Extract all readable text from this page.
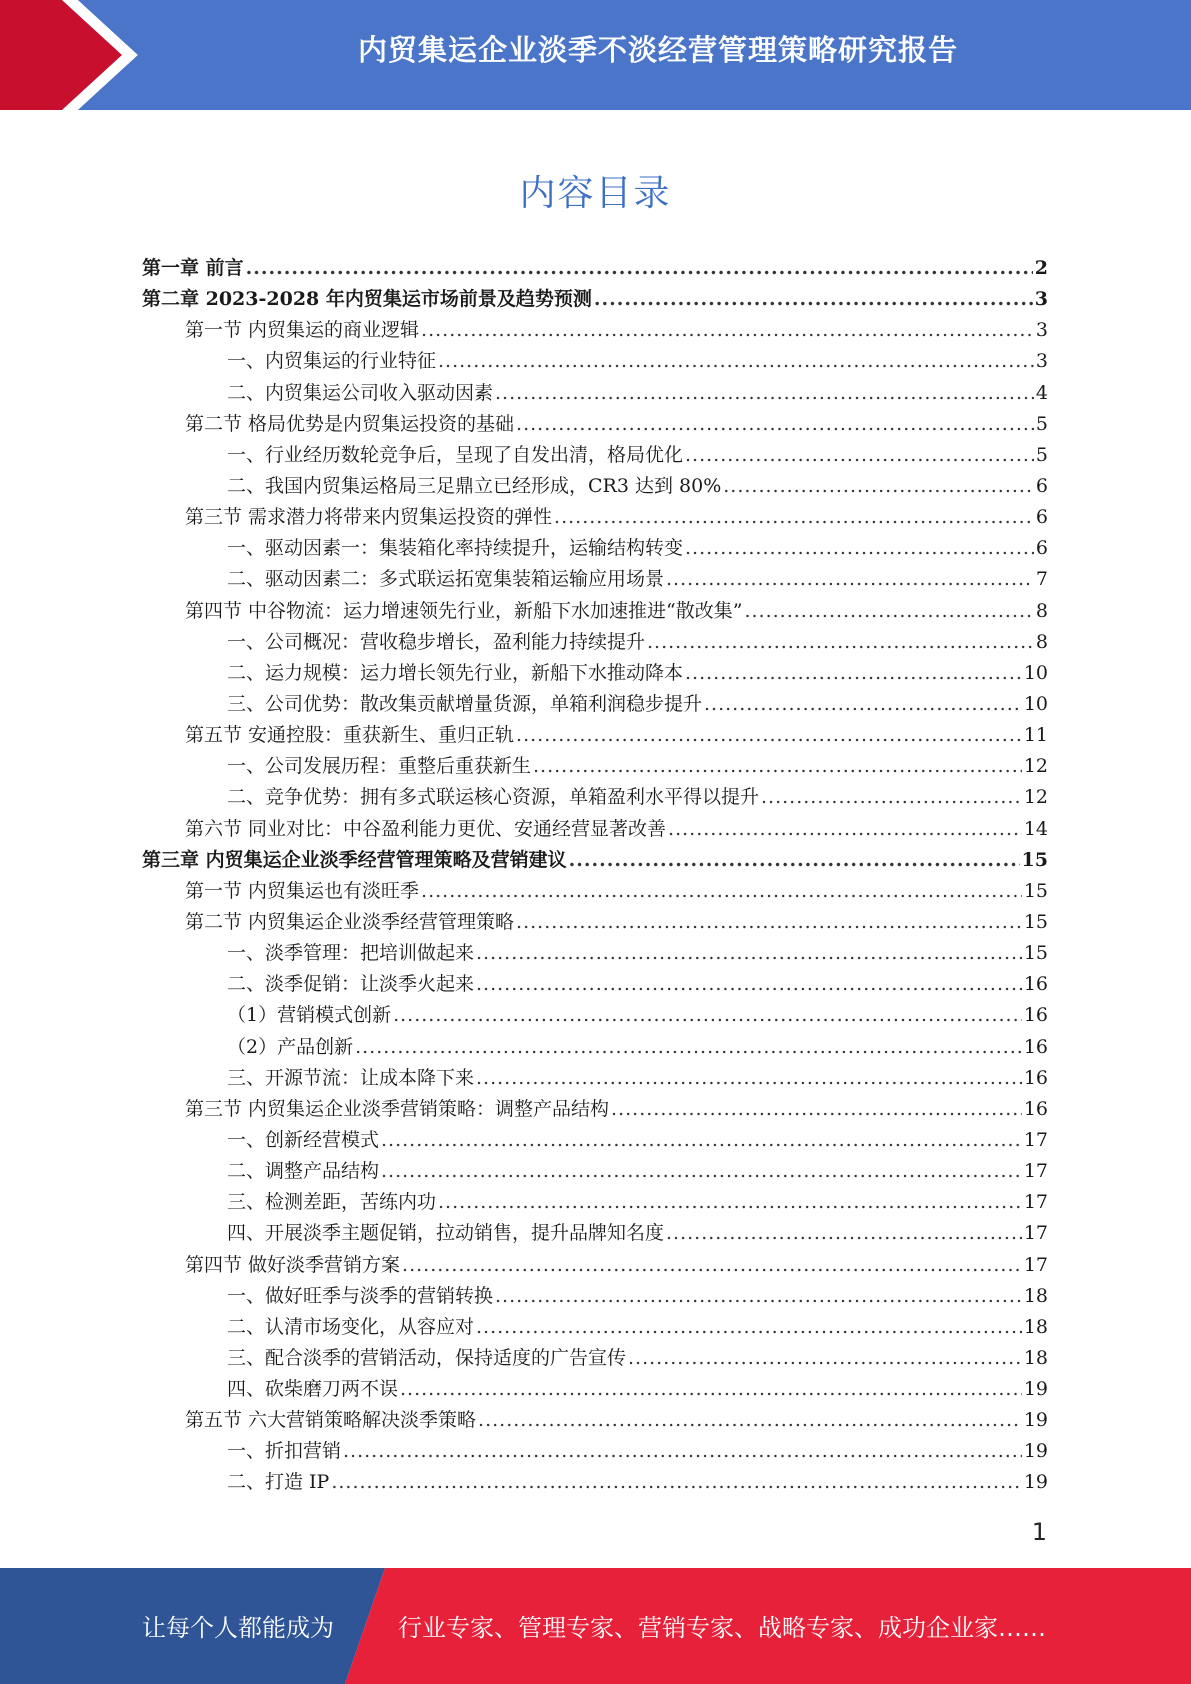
内贸集运企业淡季不淡经营管理策略研究报告
内容目录
第一章 前言 .....	2
第二章 2023-2028 年内贸集运市场前景及趋势预测 .....	3
第一节 内贸集运的商业逻辑 .....	3
一、内贸集运的行业特征 .....	3
二、内贸集运公司收入驱动因素 .....	4
第二节 格局优势是内贸集运投资的基础 .....	5
一、行业经历数轮竞争后，呈现了自发出清，格局优化 .....	5
二、我国内贸集运格局三足鼎立已经形成，CR3 达到 80% .....	6
第三节 需求潜力将带来内贸集运投资的弹性 .....	6
一、驱动因素一：集装箱化率持续提升，运输结构转变 .....	6
二、驱动因素二：多式联运拓宽集装箱运输应用场景 .....	7
第四节 中谷物流：运力增速领先行业，新船下水加速推进“散改集” .....	8
一、公司概况：营收稳步增长，盈利能力持续提升 .....	8
二、运力规模：运力增长领先行业，新船下水推动降本 .....	10
三、公司优势：散改集贡献增量货源，单箱利润稳步提升 .....	10
第五节 安通控股：重获新生、重归正轨 .....	11
一、公司发展历程：重整后重获新生 .....	12
二、竞争优势：拥有多式联运核心资源，单箱盈利水平得以提升 .....	12
第六节 同业对比：中谷盈利能力更优、安通经营显著改善 .....	14
第三章 内贸集运企业淡季经营管理策略及营销建议 .....	15
第一节 内贸集运也有淡旺季 .....	15
第二节 内贸集运企业淡季经营管理策略 .....	15
一、淡季管理：把培训做起来 .....	15
二、淡季促销：让淡季火起来 .....	16
（1）营销模式创新 .....	16
（2）产品创新 .....	16
三、开源节流：让成本降下来 .....	16
第三节 内贸集运企业淡季营销策略：调整产品结构 .....	16
一、创新经营模式 .....	17
二、调整产品结构 .....	17
三、检测差距，苦练内功 .....	17
四、开展淡季主题促销，拉动销售，提升品牌知名度 .....	17
第四节 做好淡季营销方案 .....	17
一、做好旺季与淡季的营销转换 .....	18
二、认清市场变化，从容应对 .....	18
三、配合淡季的营销活动，保持适度的广告宣传 .....	18
四、砍柴磨刀两不误 .....	19
第五节 六大营销策略解决淡季策略 .....	19
一、折扣营销 .....	19
二、打造 IP .....	19
1
让每个人都能成为	行业专家、管理专家、营销专家、战略专家、成功企业家……
